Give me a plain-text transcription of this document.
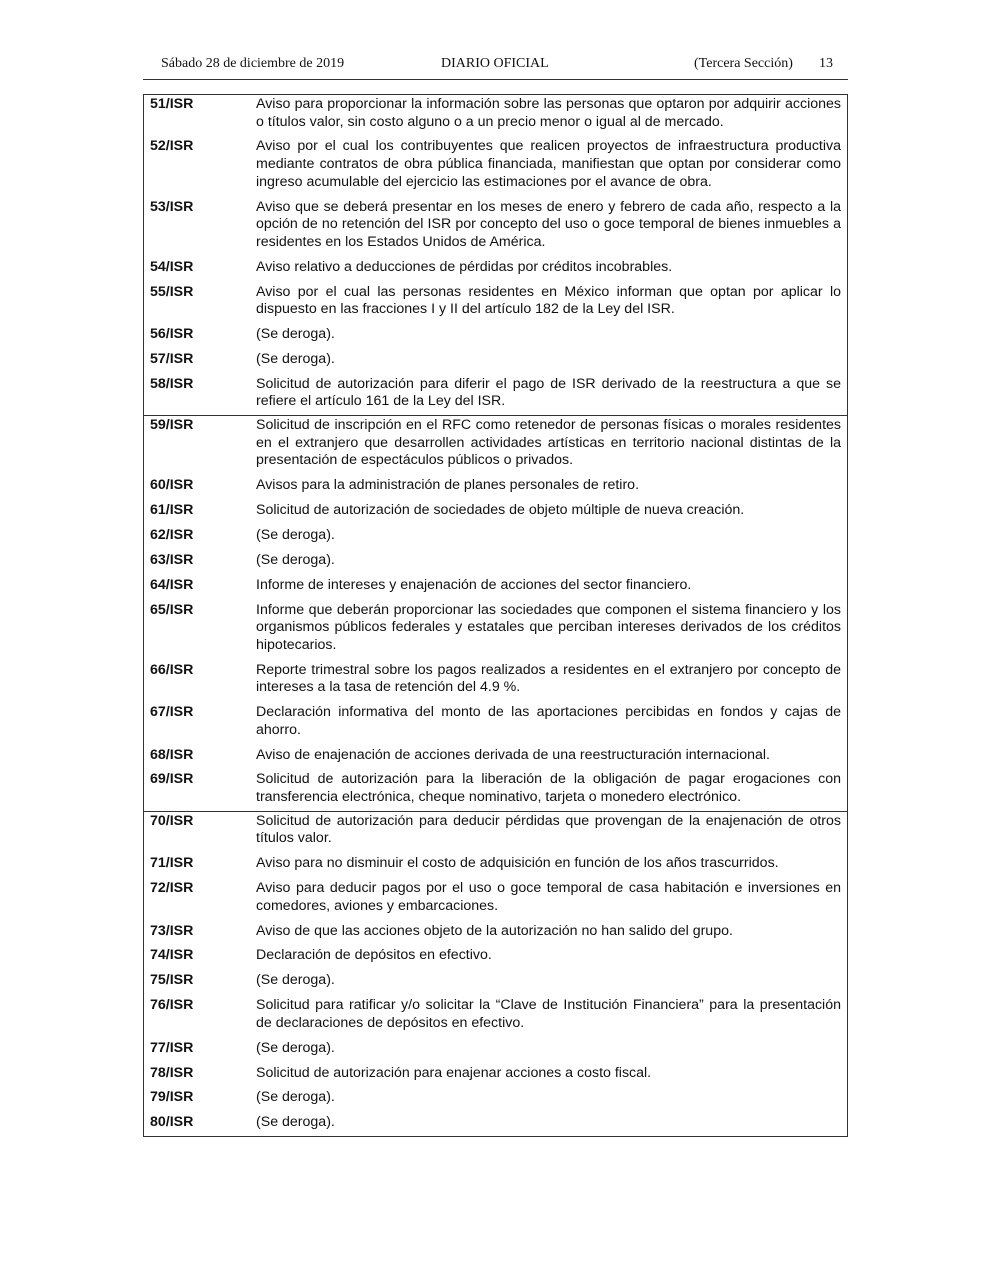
Sábado 28 de diciembre de 2019	DIARIO OFICIAL	(Tercera Sección) 13
51/ISR	Aviso para proporcionar la información sobre las personas que optaron por adquirir acciones o títulos valor, sin costo alguno o a un precio menor o igual al de mercado.
52/ISR	Aviso por el cual los contribuyentes que realicen proyectos de infraestructura productiva mediante contratos de obra pública financiada, manifiestan que optan por considerar como ingreso acumulable del ejercicio las estimaciones por el avance de obra.
53/ISR	Aviso que se deberá presentar en los meses de enero y febrero de cada año, respecto a la opción de no retención del ISR por concepto del uso o goce temporal de bienes inmuebles a residentes en los Estados Unidos de América.
54/ISR	Aviso relativo a deducciones de pérdidas por créditos incobrables.
55/ISR	Aviso por el cual las personas residentes en México informan que optan por aplicar lo dispuesto en las fracciones I y II del artículo 182 de la Ley del ISR.
56/ISR	(Se deroga).
57/ISR	(Se deroga).
58/ISR	Solicitud de autorización para diferir el pago de ISR derivado de la reestructura a que se refiere el artículo 161 de la Ley del ISR.
59/ISR	Solicitud de inscripción en el RFC como retenedor de personas físicas o morales residentes en el extranjero que desarrollen actividades artísticas en territorio nacional distintas de la presentación de espectáculos públicos o privados.
60/ISR	Avisos para la administración de planes personales de retiro.
61/ISR	Solicitud de autorización de sociedades de objeto múltiple de nueva creación.
62/ISR	(Se deroga).
63/ISR	(Se deroga).
64/ISR	Informe de intereses y enajenación de acciones del sector financiero.
65/ISR	Informe que deberán proporcionar las sociedades que componen el sistema financiero y los organismos públicos federales y estatales que perciban intereses derivados de los créditos hipotecarios.
66/ISR	Reporte trimestral sobre los pagos realizados a residentes en el extranjero por concepto de intereses a la tasa de retención del 4.9 %.
67/ISR	Declaración informativa del monto de las aportaciones percibidas en fondos y cajas de ahorro.
68/ISR	Aviso de enajenación de acciones derivada de una reestructuración internacional.
69/ISR	Solicitud de autorización para la liberación de la obligación de pagar erogaciones con transferencia electrónica, cheque nominativo, tarjeta o monedero electrónico.
70/ISR	Solicitud de autorización para deducir pérdidas que provengan de la enajenación de otros títulos valor.
71/ISR	Aviso para no disminuir el costo de adquisición en función de los años trascurridos.
72/ISR	Aviso para deducir pagos por el uso o goce temporal de casa habitación e inversiones en comedores, aviones y embarcaciones.
73/ISR	Aviso de que las acciones objeto de la autorización no han salido del grupo.
74/ISR	Declaración de depósitos en efectivo.
75/ISR	(Se deroga).
76/ISR	Solicitud para ratificar y/o solicitar la “Clave de Institución Financiera” para la presentación de declaraciones de depósitos en efectivo.
77/ISR	(Se deroga).
78/ISR	Solicitud de autorización para enajenar acciones a costo fiscal.
79/ISR	(Se deroga).
80/ISR	(Se deroga).
